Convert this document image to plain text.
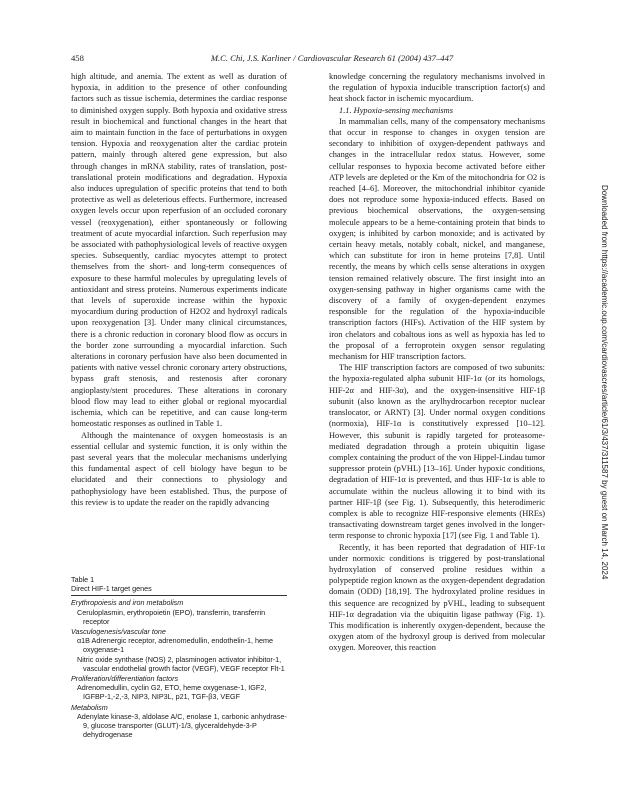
458	M.C. Chi, J.S. Karliner / Cardiovascular Research 61 (2004) 437–447

high altitude, and anemia. The extent as well as duration of hypoxia, in addition to the presence of other confounding factors such as tissue ischemia, determines the cardiac response to diminished oxygen supply. Both hypoxia and oxidative stress result in biochemical and functional changes in the heart that aim to maintain function in the face of perturbations in oxygen tension. Hypoxia and reoxygenation alter the cardiac protein pattern, mainly through altered gene expression, but also through changes in mRNA stability, rates of translation, post-translational protein modifications and degradation. Hypoxia also induces upregulation of specific proteins that tend to both protective as well as deleterious effects. Furthermore, increased oxygen levels occur upon reperfusion of an occluded coronary vessel (reoxygenation), either spontaneously or following treatment of acute myocardial infarction. Such reperfusion may be associated with pathophysiological levels of reactive oxygen species. Subsequently, cardiac myocytes attempt to protect themselves from the short- and long-term consequences of exposure to these harmful molecules by upregulating levels of antioxidant and stress proteins. Numerous experiments indicate that levels of superoxide increase within the hypoxic myocardium during production of H2O2 and hydroxyl radicals upon reoxygenation [3]. Under many clinical circumstances, there is a chronic reduction in coronary blood flow as occurs in the border zone surrounding a myocardial infarction. Such alterations in coronary perfusion have also been documented in patients with native vessel chronic coronary artery obstructions, bypass graft stenosis, and restenosis after coronary angioplasty/stent procedures. These alterations in coronary blood flow may lead to either global or regional myocardial ischemia, which can be repetitive, and can cause long-term homeostatic responses as outlined in Table 1.

Although the maintenance of oxygen homeostasis is an essential cellular and systemic function, it is only within the past several years that the molecular mechanisms underlying this fundamental aspect of cell biology have begun to be elucidated and their connections to physiology and pathophysiology have been established. Thus, the purpose of this review is to update the reader on the rapidly advancing

Table 1

Direct HIF-1 target genes

Erythropoiesis and iron metabolism

Ceruloplasmin, erythropoietin (EPO), transferrin, transferrin receptor

Vasculogenesis/vascular tone

α1B Adrenergic receptor, adrenomedullin, endothelin-1, heme oxygenase-1

Nitric oxide synthase (NOS) 2, plasminogen activator inhibitor-1, vascular endothelial growth factor (VEGF), VEGF receptor Flt-1

Proliferation/differentiation factors

Adrenomedullin, cyclin G2, ETO, heme oxygenase-1, IGF2, IGFBP-1,-2,-3, NIP3, NIP3L, p21, TGF-β3, VEGF

Metabolism

Adenylate kinase-3, aldolase A/C, enolase 1, carbonic anhydrase-9, glucose transporter (GLUT)-1/3, glyceraldehyde-3-P dehydrogenase

knowledge concerning the regulatory mechanisms involved in the regulation of hypoxia inducible transcription factor(s) and heat shock factor in ischemic myocardium.

1.1. Hypoxia-sensing mechanisms

In mammalian cells, many of the compensatory mechanisms that occur in response to changes in oxygen tension are secondary to inhibition of oxygen-dependent pathways and changes in the intracellular redox status. However, some cellular responses to hypoxia become activated before either ATP levels are depleted or the Km of the mitochondria for O2 is reached [4–6]. Moreover, the mitochondrial inhibitor cyanide does not reproduce some hypoxia-induced effects. Based on previous biochemical observations, the oxygen-sensing molecule appears to be a heme-containing protein that binds to oxygen; is inhibited by carbon monoxide; and is activated by certain heavy metals, notably cobalt, nickel, and manganese, which can substitute for iron in heme proteins [7,8]. Until recently, the means by which cells sense alterations in oxygen tension remained relatively obscure. The first insight into an oxygen-sensing pathway in higher organisms came with the discovery of a family of oxygen-dependent enzymes responsible for the regulation of the hypoxia-inducible transcription factors (HIFs). Activation of the HIF system by iron chelators and cobaltous ions as well as hypoxia has led to the proposal of a ferroprotein oxygen sensor regulating mechanism for HIF transcription factors.

The HIF transcription factors are composed of two subunits: the hypoxia-regulated alpha subunit HIF-1α (or its homologs, HIF-2α and HIF-3α), and the oxygen-insensitive HIF-1β subunit (also known as the arylhydrocarbon receptor nuclear translocator, or ARNT) [3]. Under normal oxygen conditions (normoxia), HIF-1α is constitutively expressed [10–12]. However, this subunit is rapidly targeted for proteasome-mediated degradation through a protein ubiquitin ligase complex containing the product of the von Hippel-Lindau tumor suppressor protein (pVHL) [13–16]. Under hypoxic conditions, degradation of HIF-1α is prevented, and thus HIF-1α is able to accumulate within the nucleus allowing it to bind with its partner HIF-1β (see Fig. 1). Subsequently, this heterodimeric complex is able to recognize HIF-responsive elements (HREs) transactivating downstream target genes involved in the longer-term response to chronic hypoxia [17] (see Fig. 1 and Table 1).

Recently, it has been reported that degradation of HIF-1α under normoxic conditions is triggered by post-translational hydroxylation of conserved proline residues within a polypeptide region known as the oxygen-dependent degradation domain (ODD) [18,19]. The hydroxylated proline residues in this sequence are recognized by pVHL, leading to subsequent HIF-1α degradation via the ubiquitin ligase pathway (Fig. 1). This modification is inherently oxygen-dependent, because the oxygen atom of the hydroxyl group is derived from molecular oxygen. Moreover, this reaction

Downloaded from https://academic.oup.com/cardiovascres/article/61/3/437/311587 by guest on March 14, 2024
